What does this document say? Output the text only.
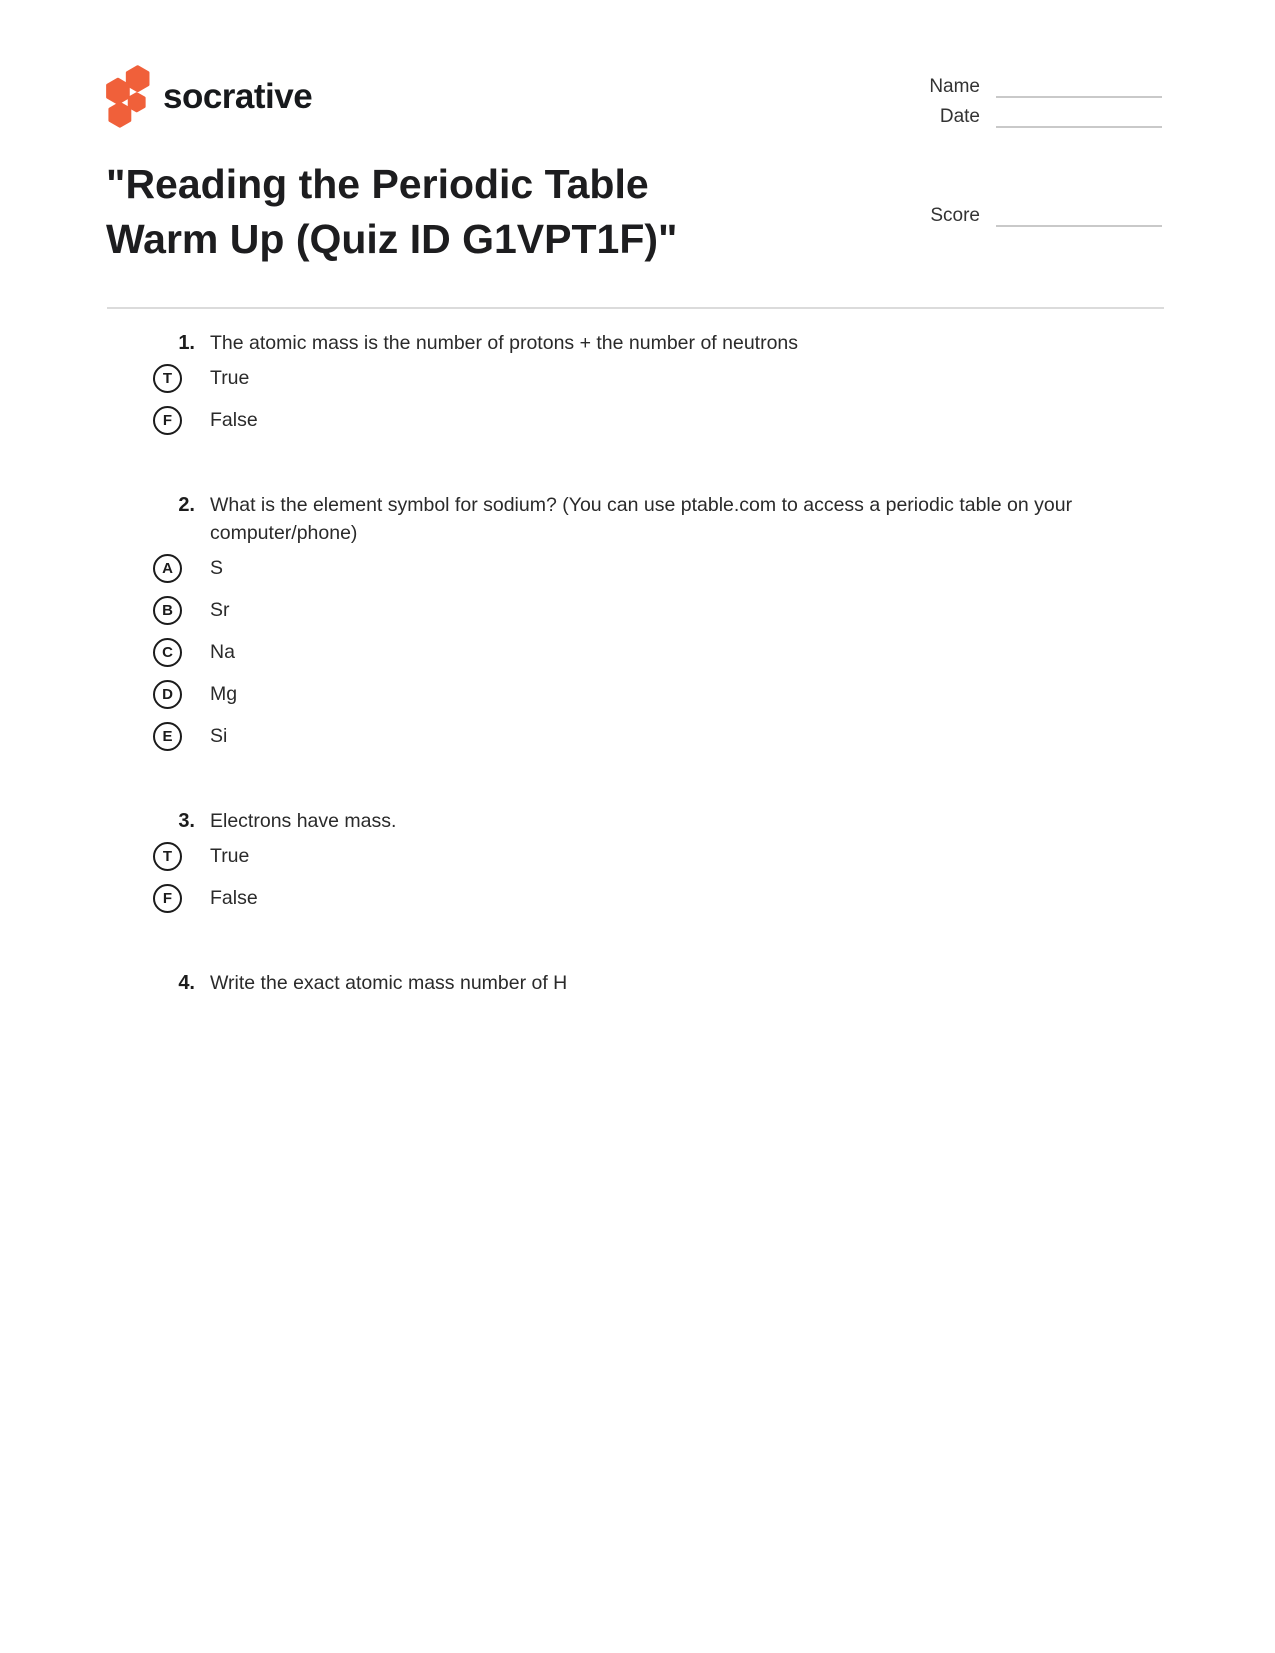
socrative	Name
Date
"Reading the Periodic Table
Warm Up (Quiz ID G1VPT1F)"
Score
1. The atomic mass is the number of protons + the number of neutrons

T	True
F	False
2. What is the element symbol for sodium? (You can use ptable.com to access a periodic table on your computer/phone)

A	S
B	Sr
C	Na
D	Mg
E	Si
3. Electrons have mass.

T	True
F	False
4. Write the exact atomic mass number of H
